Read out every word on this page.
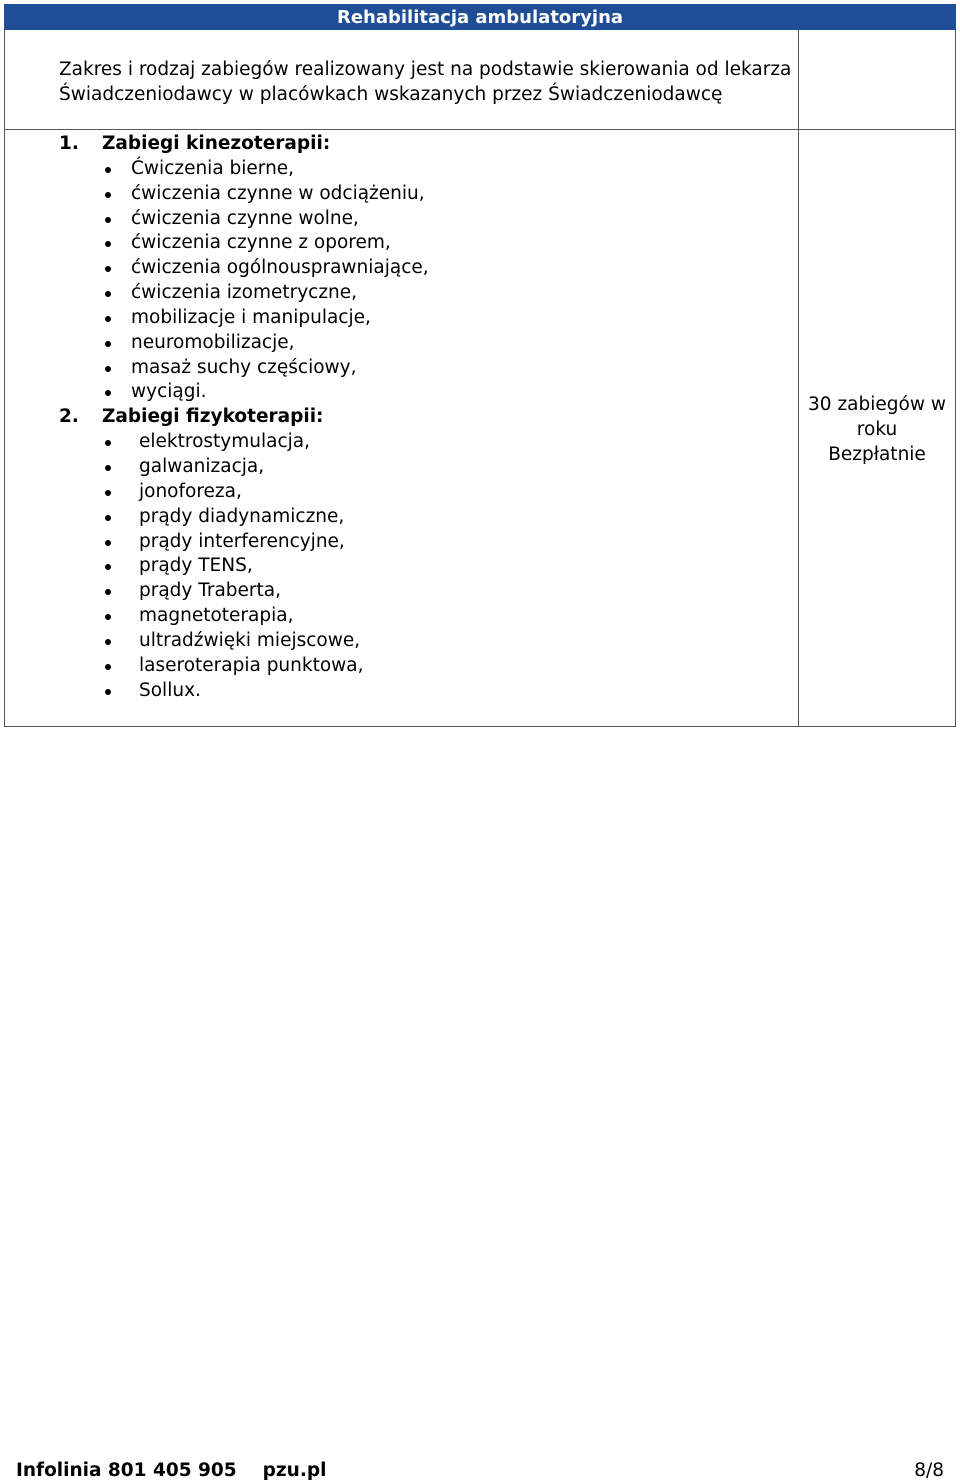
Rehabilitacja ambulatoryjna
Zakres i rodzaj zabiegów realizowany jest na podstawie skierowania od lekarza
Świadczeniodawcy w placówkach wskazanych przez Świadczeniodawcę
1. Zabiegi kinezoterapii:
Ćwiczenia bierne,
ćwiczenia czynne w odciążeniu,
ćwiczenia czynne wolne,
ćwiczenia czynne z oporem,
ćwiczenia ogólnousprawniające,
ćwiczenia izometryczne,
mobilizacje i manipulacje,
neuromobilizacje,
masaż suchy częściowy,
wyciągi.
2. Zabiegi fizykoterapii:
elektrostymulacja,
galwanizacja,
jonoforeza,
prądy diadynamiczne,
prądy interferencyjne,
prądy TENS,
prądy Traberta,
magnetoterapia,
ultradźwięki miejscowe,
laseroterapia punktowa,
Sollux.
30 zabiegów w
roku
Bezpłatnie
Infolinia 801 405 905 pzu.pl	8/8
